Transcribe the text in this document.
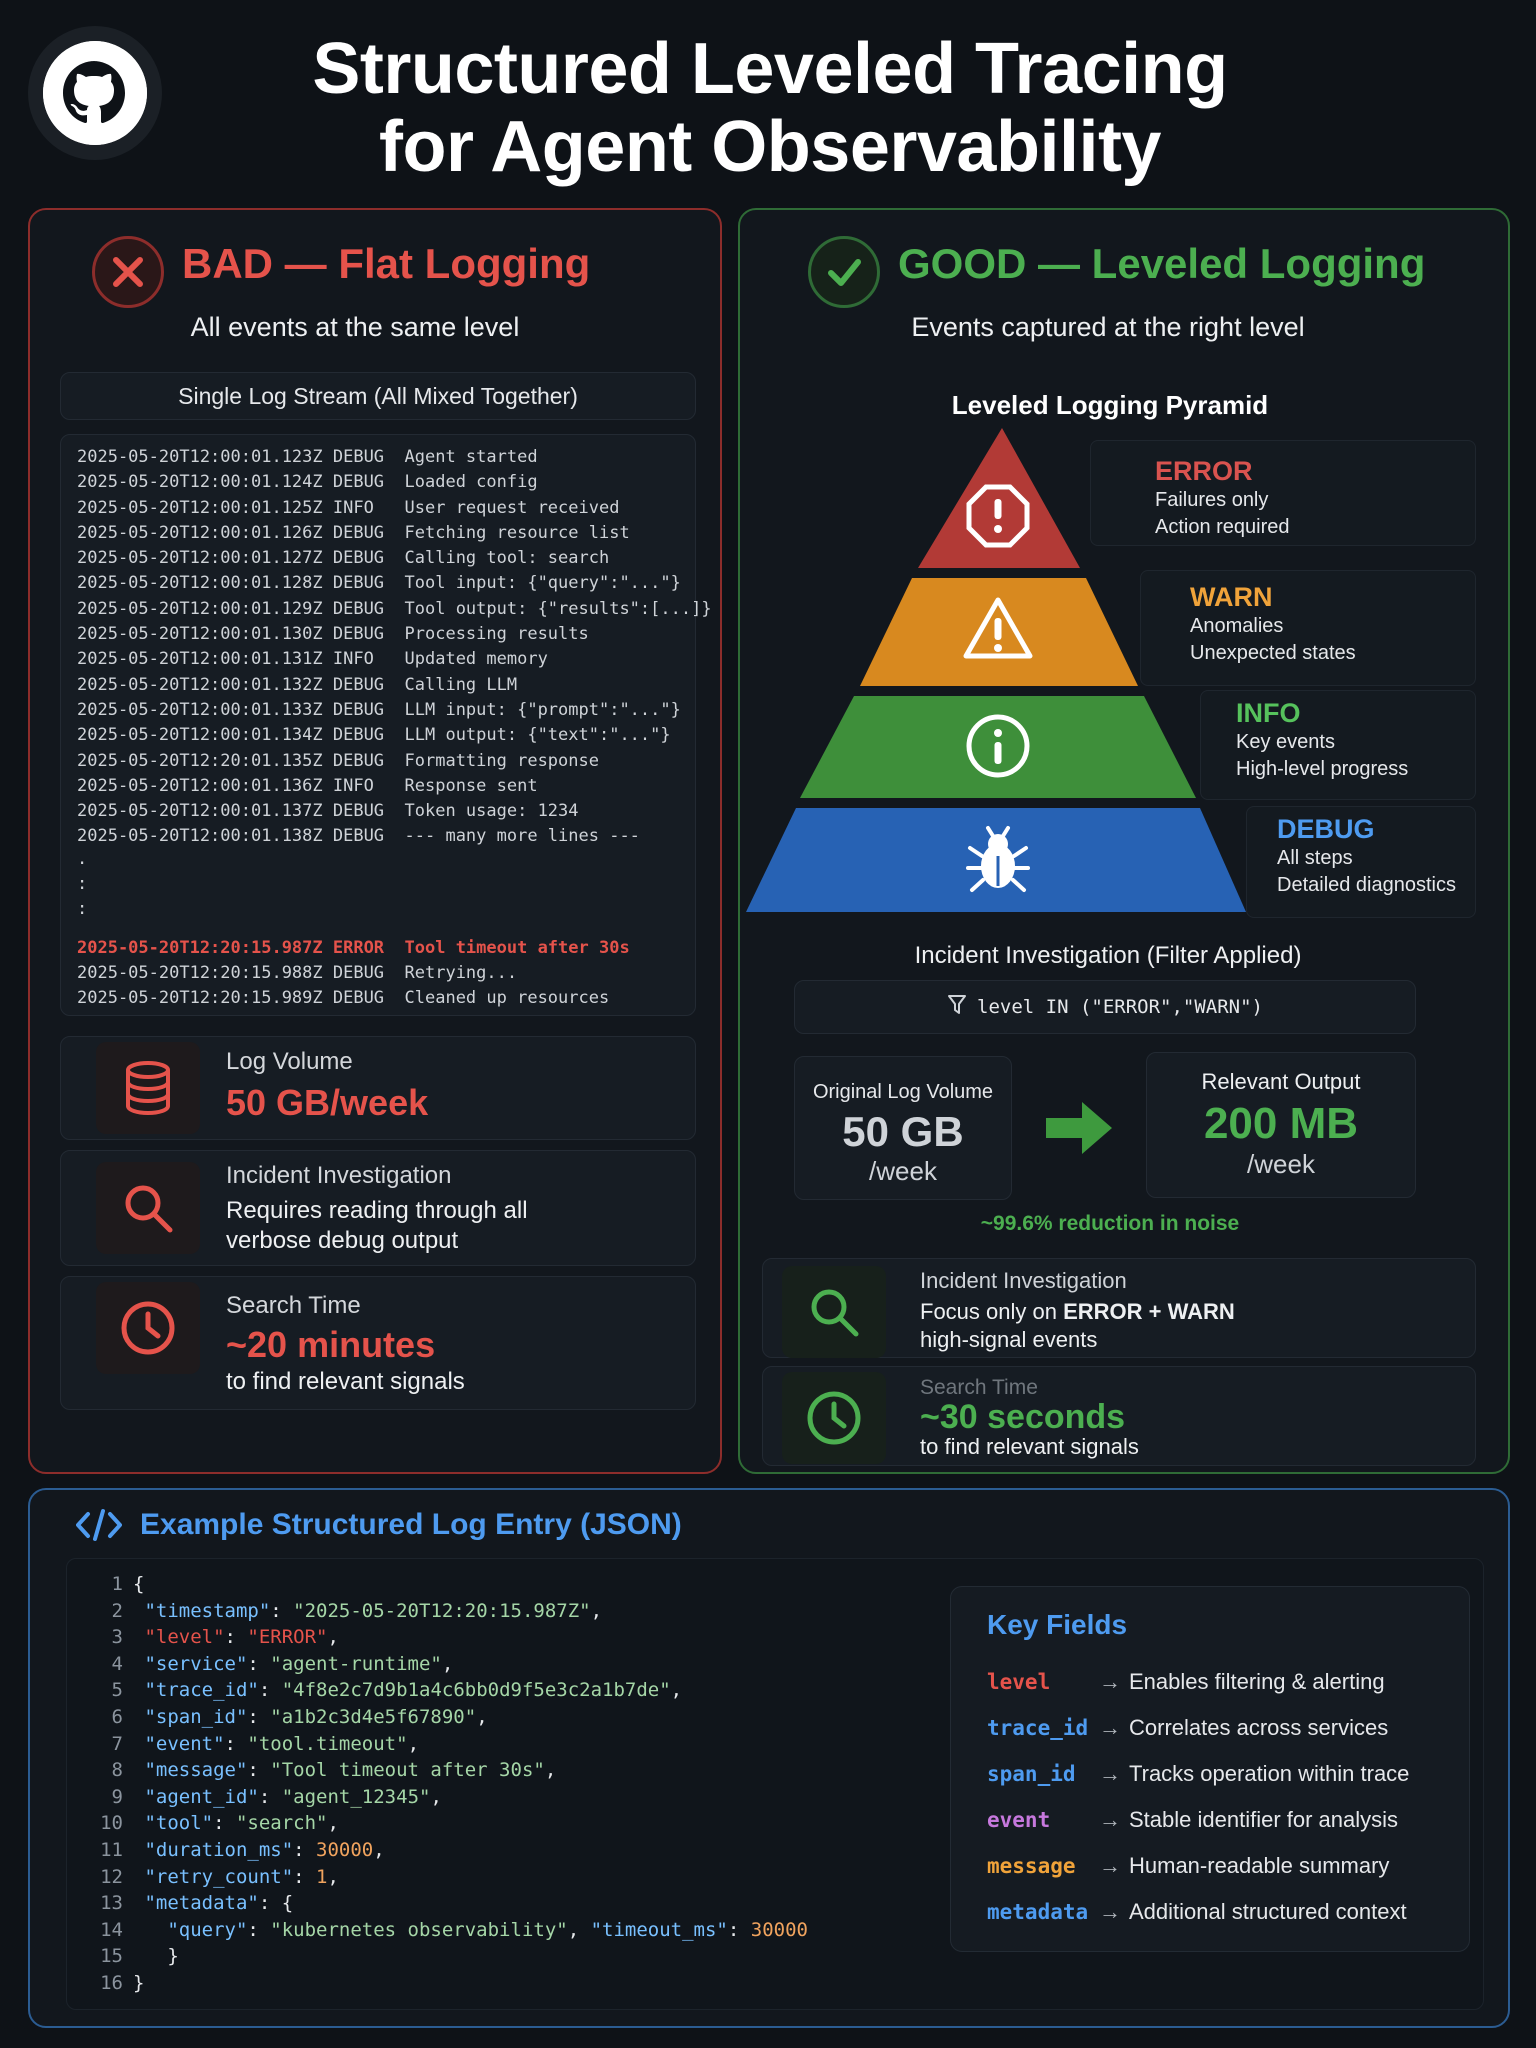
Structured Leveled Tracing
for Agent Observability
BAD — Flat Logging
All events at the same level
Single Log Stream (All Mixed Together)
2025-05-20T12:00:01.123Z DEBUG  Agent started
2025-05-20T12:00:01.124Z DEBUG  Loaded config
2025-05-20T12:00:01.125Z INFO   User request received
2025-05-20T12:00:01.126Z DEBUG  Fetching resource list
2025-05-20T12:00:01.127Z DEBUG  Calling tool: search
2025-05-20T12:00:01.128Z DEBUG  Tool input: {"query":"..."}
2025-05-20T12:00:01.129Z DEBUG  Tool output: {"results":[...]}
2025-05-20T12:00:01.130Z DEBUG  Processing results
2025-05-20T12:00:01.131Z INFO   Updated memory
2025-05-20T12:00:01.132Z DEBUG  Calling LLM
2025-05-20T12:00:01.133Z DEBUG  LLM input: {"prompt":"..."}
2025-05-20T12:00:01.134Z DEBUG  LLM output: {"text":"..."}
2025-05-20T12:20:01.135Z DEBUG  Formatting response
2025-05-20T12:00:01.136Z INFO   Response sent
2025-05-20T12:00:01.137Z DEBUG  Token usage: 1234
2025-05-20T12:00:01.138Z DEBUG  --- many more lines ---
.
:
:
2025-05-20T12:20:15.987Z ERROR  Tool timeout after 30s
2025-05-20T12:20:15.988Z DEBUG  Retrying...
2025-05-20T12:20:15.989Z DEBUG  Cleaned up resources
Log Volume
50 GB/week
Incident Investigation
Requires reading through all
verbose debug output
Search Time
~20 minutes
to find relevant signals
GOOD — Leveled Logging
Events captured at the right level
Leveled Logging Pyramid
ERROR
Failures only
Action required
WARN
Anomalies
Unexpected states
INFO
Key events
High-level progress
DEBUG
All steps
Detailed diagnostics
Incident Investigation (Filter Applied)
level IN ("ERROR","WARN")
Original Log Volume
50 GB
/week
Relevant Output
200 MB
/week
~99.6% reduction in noise
Incident Investigation
Focus only on ERROR + WARN
high-signal events
Search Time
~30 seconds
to find relevant signals
Example Structured Log Entry (JSON)
1 {
2 "timestamp": "2025-05-20T12:20:15.987Z",
3 "level": "ERROR",
4 "service": "agent-runtime",
5 "trace_id": "4f8e2c7d9b1a4c6bb0d9f5e3c2a1b7de",
6 "span_id": "a1b2c3d4e5f67890",
7 "event": "tool.timeout",
8 "message": "Tool timeout after 30s",
9 "agent_id": "agent_12345",
10 "tool": "search",
11 "duration_ms": 30000,
12 "retry_count": 1,
13 "metadata": {
14   "query": "kubernetes observability", "timeout_ms": 30000
15   }
16 }
Key Fields
level	→ Enables filtering & alerting
trace_id → Correlates across services
span_id	→ Tracks operation within trace
event	→ Stable identifier for analysis
message	→ Human-readable summary
metadata → Additional structured context
